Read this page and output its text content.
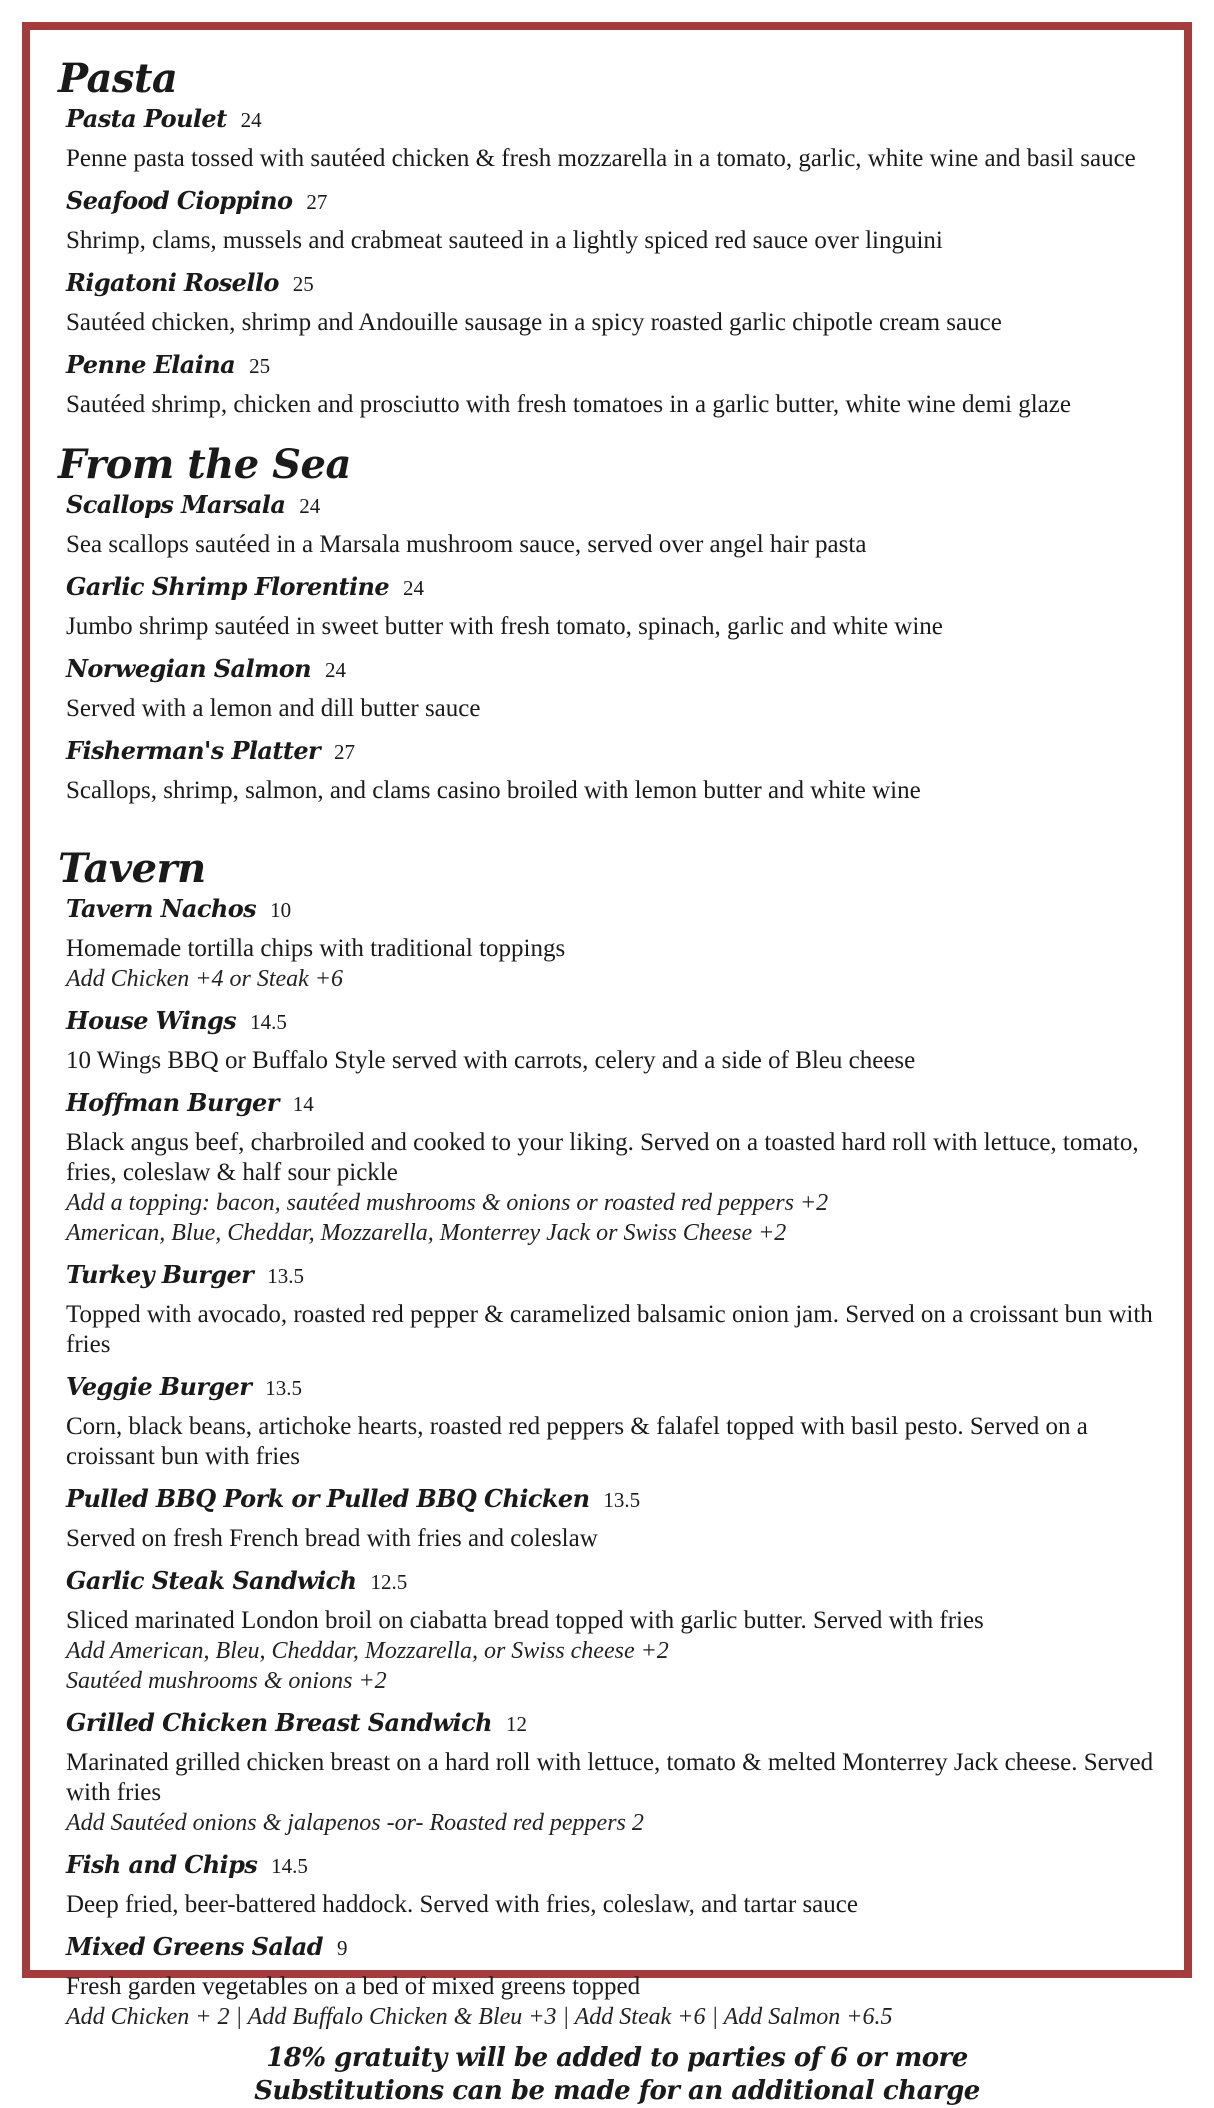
Pasta
Pasta Poulet 24
Penne pasta tossed with sautéed chicken & fresh mozzarella in a tomato, garlic, white wine and basil sauce
Seafood Cioppino 27
Shrimp, clams, mussels and crabmeat sauteed in a lightly spiced red sauce over linguini
Rigatoni Rosello 25
Sautéed chicken, shrimp and Andouille sausage in a spicy roasted garlic chipotle cream sauce
Penne Elaina 25
Sautéed shrimp, chicken and prosciutto with fresh tomatoes in a garlic butter, white wine demi glaze
From the Sea
Scallops Marsala 24
Sea scallops sautéed in a Marsala mushroom sauce, served over angel hair pasta
Garlic Shrimp Florentine 24
Jumbo shrimp sautéed in sweet butter with fresh tomato, spinach, garlic and white wine
Norwegian Salmon 24
Served with a lemon and dill butter sauce
Fisherman's Platter 27
Scallops, shrimp, salmon, and clams casino broiled with lemon butter and white wine
Tavern
Tavern Nachos 10
Homemade tortilla chips with traditional toppings
Add Chicken +4 or Steak +6
House Wings 14.5
10 Wings BBQ or Buffalo Style served with carrots, celery and a side of Bleu cheese
Hoffman Burger 14
Black angus beef, charbroiled and cooked to your liking. Served on a toasted hard roll with lettuce, tomato, fries, coleslaw & half sour pickle
Add a topping: bacon, sautéed mushrooms & onions or roasted red peppers +2
American, Blue, Cheddar, Mozzarella, Monterrey Jack or Swiss Cheese +2
Turkey Burger 13.5
Topped with avocado, roasted red pepper & caramelized balsamic onion jam. Served on a croissant bun with fries
Veggie Burger 13.5
Corn, black beans, artichoke hearts, roasted red peppers & falafel topped with basil pesto. Served on a croissant bun with fries
Pulled BBQ Pork or Pulled BBQ Chicken 13.5
Served on fresh French bread with fries and coleslaw
Garlic Steak Sandwich 12.5
Sliced marinated London broil on ciabatta bread topped with garlic butter. Served with fries
Add American, Bleu, Cheddar, Mozzarella, or Swiss cheese +2
Sautéed mushrooms & onions +2
Grilled Chicken Breast Sandwich 12
Marinated grilled chicken breast on a hard roll with lettuce, tomato & melted Monterrey Jack cheese. Served with fries
Add Sautéed onions & jalapenos -or- Roasted red peppers 2
Fish and Chips 14.5
Deep fried, beer-battered haddock. Served with fries, coleslaw, and tartar sauce
Mixed Greens Salad 9
Fresh garden vegetables on a bed of mixed greens topped
Add Chicken + 2 | Add Buffalo Chicken & Bleu +3 | Add Steak +6 | Add Salmon +6.5
18% gratuity will be added to parties of 6 or more
Substitutions can be made for an additional charge
